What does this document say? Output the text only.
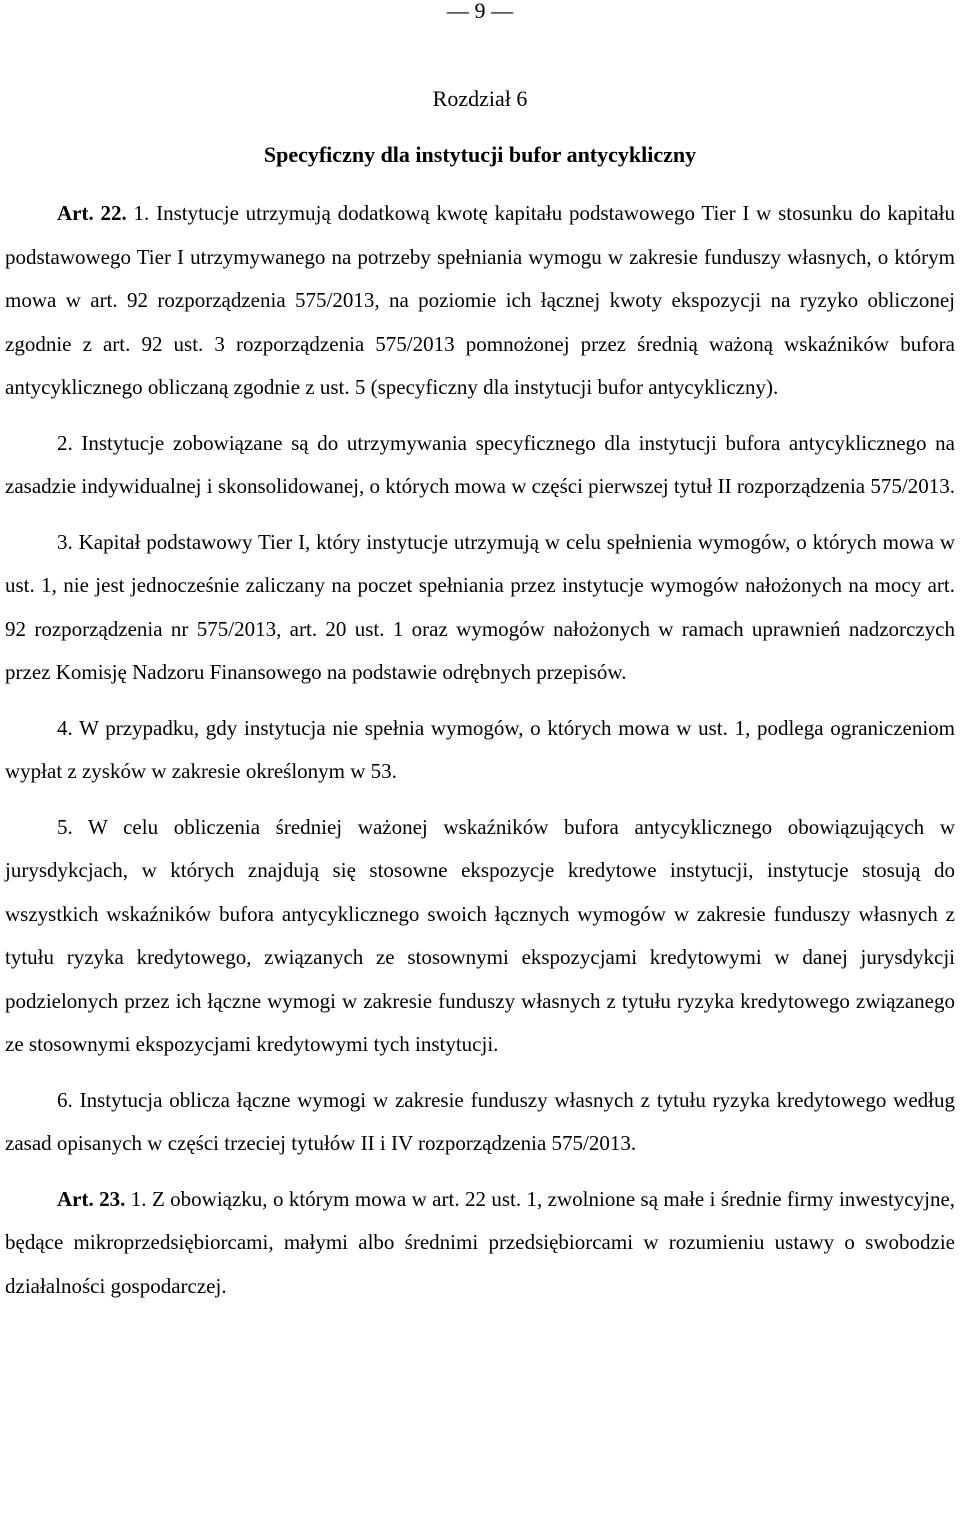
— 9 —
Rozdział 6
Specyficzny dla instytucji bufor antycykliczny

Art. 22. 1. Instytucje utrzymują dodatkową kwotę kapitału podstawowego Tier I w stosunku do kapitału podstawowego Tier I utrzymywanego na potrzeby spełniania wymogu w zakresie funduszy własnych, o którym mowa w art. 92 rozporządzenia 575/2013, na poziomie ich łącznej kwoty ekspozycji na ryzyko obliczonej zgodnie z art. 92 ust. 3 rozporządzenia 575/2013 pomnożonej przez średnią ważoną wskaźników bufora antycyklicznego obliczaną zgodnie z ust. 5 (specyficzny dla instytucji bufor antycykliczny).

2. Instytucje zobowiązane są do utrzymywania specyficznego dla instytucji bufora antycyklicznego na zasadzie indywidualnej i skonsolidowanej, o których mowa w części pierwszej tytuł II rozporządzenia 575/2013.

3. Kapitał podstawowy Tier I, który instytucje utrzymują w celu spełnienia wymogów, o których mowa w ust. 1, nie jest jednocześnie zaliczany na poczet spełniania przez instytucje wymogów nałożonych na mocy art. 92 rozporządzenia nr 575/2013, art. 20 ust. 1 oraz wymogów nałożonych w ramach uprawnień nadzorczych przez Komisję Nadzoru Finansowego na podstawie odrębnych przepisów.

4. W przypadku, gdy instytucja nie spełnia wymogów, o których mowa w ust. 1, podlega ograniczeniom wypłat z zysków w zakresie określonym w 53.

5. W celu obliczenia średniej ważonej wskaźników bufora antycyklicznego obowiązujących w jurysdykcjach, w których znajdują się stosowne ekspozycje kredytowe instytucji, instytucje stosują do wszystkich wskaźników bufora antycyklicznego swoich łącznych wymogów w zakresie funduszy własnych z tytułu ryzyka kredytowego, związanych ze stosownymi ekspozycjami kredytowymi w danej jurysdykcji podzielonych przez ich łączne wymogi w zakresie funduszy własnych z tytułu ryzyka kredytowego związanego ze stosownymi ekspozycjami kredytowymi tych instytucji.

6. Instytucja oblicza łączne wymogi w zakresie funduszy własnych z tytułu ryzyka kredytowego według zasad opisanych w części trzeciej tytułów II i IV rozporządzenia 575/2013.

Art. 23. 1. Z obowiązku, o którym mowa w art. 22 ust. 1, zwolnione są małe i średnie firmy inwestycyjne, będące mikroprzedsiębiorcami, małymi albo średnimi przedsiębiorcami w rozumieniu ustawy o swobodzie działalności gospodarczej.
